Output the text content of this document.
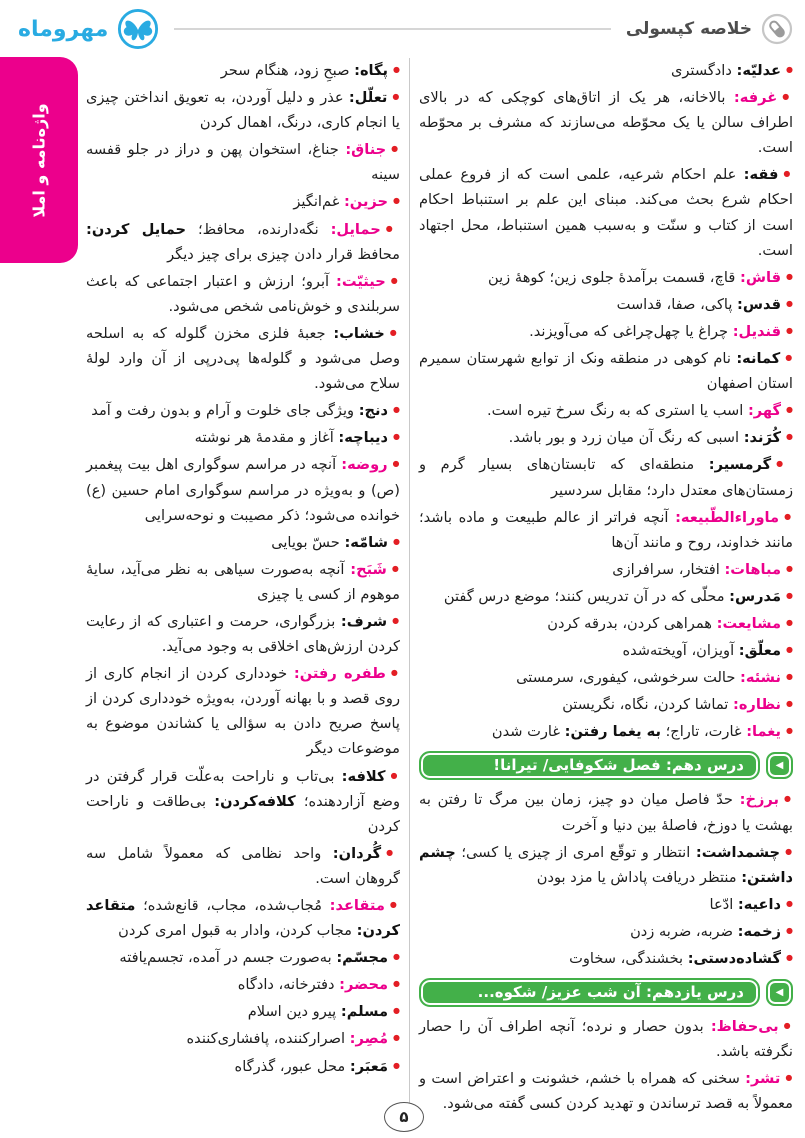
خلاصه کپسولی
مهروماه
واژه‌نامه و املا

●عدلیّه: دادگستری

●غرفه: بالاخانه، هر یک از اتاق‌های کوچکی که در بالای اطراف سالن یا یک محوّطه می‌سازند که مشرف بر محوّطه است.

●فقه: علم احکام شرعیه، علمی است که از فروع عملی احکام شرع بحث می‌کند. مبنای این علم بر استنباط احکام است از کتاب و سنّت و به‌سبب همین استنباط، محل اجتهاد است.

●قاش: قاچ، قسمت برآمدهٔ جلوی زین؛ کوههٔ زین

●قدس: پاکی، صفا، قداست

●قندیل: چراغ یا چهل‌چراغی که می‌آویزند.

●کمانه: نام کوهی در منطقه ونک از توابع شهرستان سمیرم استان اصفهان

●گهر: اسب یا استری که به رنگ سرخ تیره است.

●کُرَند: اسبی که رنگ آن میان زرد و بور باشد.

●گرمسیر: منطقه‌ای که تابستان‌های بسیار گرم و زمستان‌های معتدل دارد؛ مقابل سردسیر

●ماوراءالطّبیعه: آنچه فراتر از عالم طبیعت و ماده باشد؛ مانند خداوند، روح و مانند آن‌ها

●مباهات: افتخار، سرافرازی

●مَدرس: محلّی که در آن تدریس کنند؛ موضع درس گفتن

●مشایعت: همراهی کردن، بدرقه کردن

●معلّق: آویزان، آویخته‌شده

●نشئه: حالت سرخوشی، کیفوری، سرمستی

●نظاره: تماشا کردن، نگاه، نگریستن

●یغما: غارت، تاراج؛ به یغما رفتن: غارت شدن

◀
درس دهم: فصل شکوفایی/ تیرانا!

●برزخ: حدّ فاصل میان دو چیز، زمان بین مرگ تا رفتن به بهشت یا دوزخ، فاصلهٔ بین دنیا و آخرت

●چشمداشت: انتظار و توقّع امری از چیزی یا کسی؛ چشم داشتن: منتظر دریافت پاداش یا مزد بودن

●داعیه: ادّعا

●زخمه: ضربه، ضربه زدن

●گشاده‌دستی: بخشندگی، سخاوت

◀
درس یازدهم: آن شب عزیز/ شکوه...

●بی‌حفاظ: بدون حصار و نرده؛ آنچه اطراف آن را حصار نگرفته باشد.

●تشر: سخنی که همراه با خشم، خشونت و اعتراض است و معمولاً به قصد ترساندن و تهدید کردن کسی گفته می‌شود.

●پگاه: صبحِ زود، هنگام سحر

●تعلّل: عذر و دلیل آوردن، به تعویق انداختن چیزی یا انجام کاری، درنگ، اهمال کردن

●جناق: جناغ، استخوان پهن و دراز در جلو قفسه سینه

●حزین: غم‌انگیز

●حمایل: نگه‌دارنده، محافظ؛ حمایل کردن: محافظ قرار دادن چیزی برای چیز دیگر

●حیثیّت: آبرو؛ ارزش و اعتبار اجتماعی که باعث سربلندی و خوش‌نامی شخص می‌شود.

●خشاب: جعبهٔ فلزی مخزن گلوله که به اسلحه وصل می‌شود و گلوله‌ها پی‌درپی از آن وارد لولهٔ سلاح می‌شود.

●دنج: ویژگی جای خلوت و آرام و بدون رفت و آمد

●دیباچه: آغاز و مقدمهٔ هر نوشته

●روضه: آنچه در مراسم سوگواری اهل بیت پیغمبر (ص) و به‌ویژه در مراسم سوگواری امام حسین (ع) خوانده می‌شود؛ ذکر مصیبت و نوحه‌سرایی

●شامّه: حسّ بویایی

●شَبَح: آنچه به‌صورت سیاهی به نظر می‌آید، سایهٔ موهوم از کسی یا چیزی

●شرف: بزرگواری، حرمت و اعتباری که از رعایت کردن ارزش‌های اخلاقی به وجود می‌آید.

●طفره رفتن: خودداری کردن از انجام کاری از روی قصد و با بهانه آوردن، به‌ویژه خودداری کردن از پاسخ صریح دادن به سؤالی یا کشاندن موضوع به موضوعات دیگر

●کلافه: بی‌تاب و ناراحت به‌علّت قرار گرفتن در وضع آزاردهنده؛ کلافه‌کردن: بی‌طاقت و ناراحت کردن

●گُردان: واحد نظامی که معمولاً شامل سه گروهان است.

●متقاعد: مُجاب‌شده، مجاب، قانع‌شده؛ متقاعد کردن: مجاب کردن، وادار به قبول امری کردن

●مجسّم: به‌صورت جسم در آمده، تجسم‌یافته

●محضر: دفترخانه، دادگاه

●مسلم: پیرو دین اسلام

●مُصِر: اصرارکننده، پافشاری‌کننده

●مَعبَر: محل عبور، گذرگاه

۵
